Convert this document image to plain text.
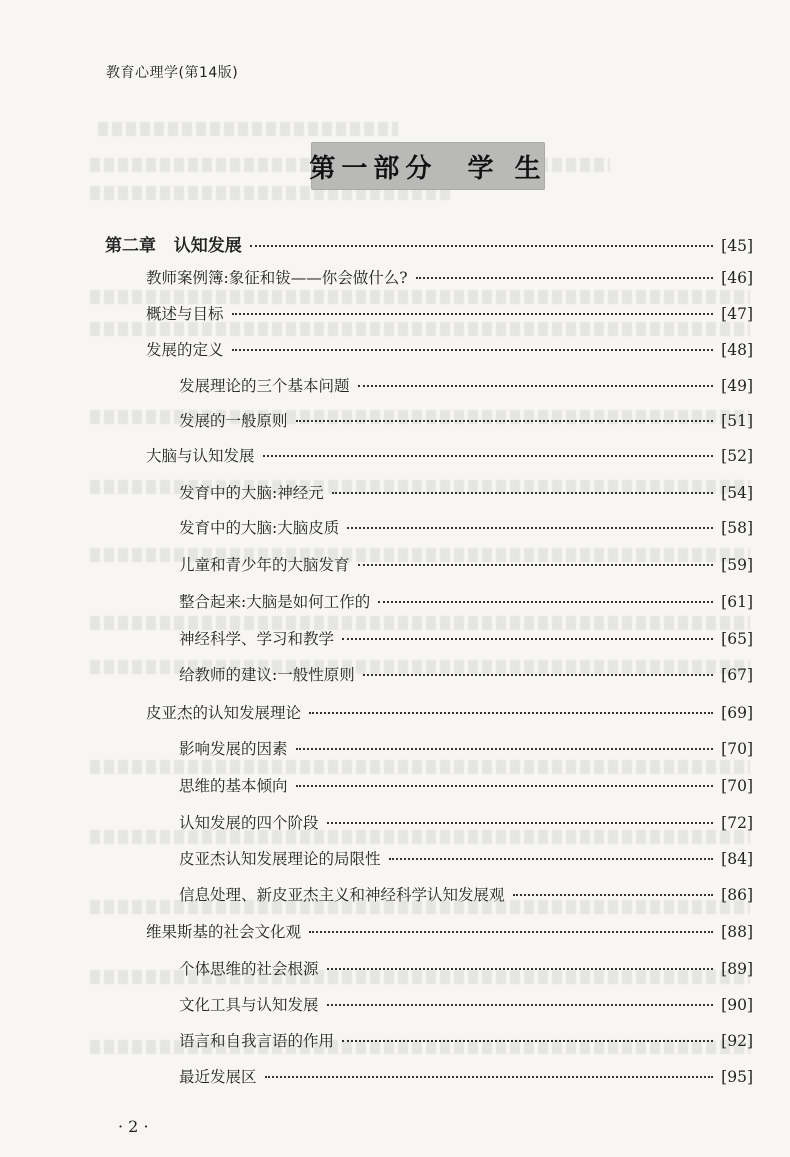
教育心理学(第14版)
第一部分  学 生
第二章   认知发展	[45]
教师案例簿:象征和钹——你会做什么?	[46]
概述与目标	[47]
发展的定义	[48]
发展理论的三个基本问题	[49]
发展的一般原则	[51]
大脑与认知发展	[52]
发育中的大脑:神经元	[54]
发育中的大脑:大脑皮质	[58]
儿童和青少年的大脑发育	[59]
整合起来:大脑是如何工作的	[61]
神经科学、学习和教学	[65]
给教师的建议:一般性原则	[67]
皮亚杰的认知发展理论	[69]
影响发展的因素	[70]
思维的基本倾向	[70]
认知发展的四个阶段	[72]
皮亚杰认知发展理论的局限性	[84]
信息处理、新皮亚杰主义和神经科学认知发展观	[86]
维果斯基的社会文化观	[88]
个体思维的社会根源	[89]
文化工具与认知发展	[90]
语言和自我言语的作用	[92]
最近发展区	[95]
· 2 ·
